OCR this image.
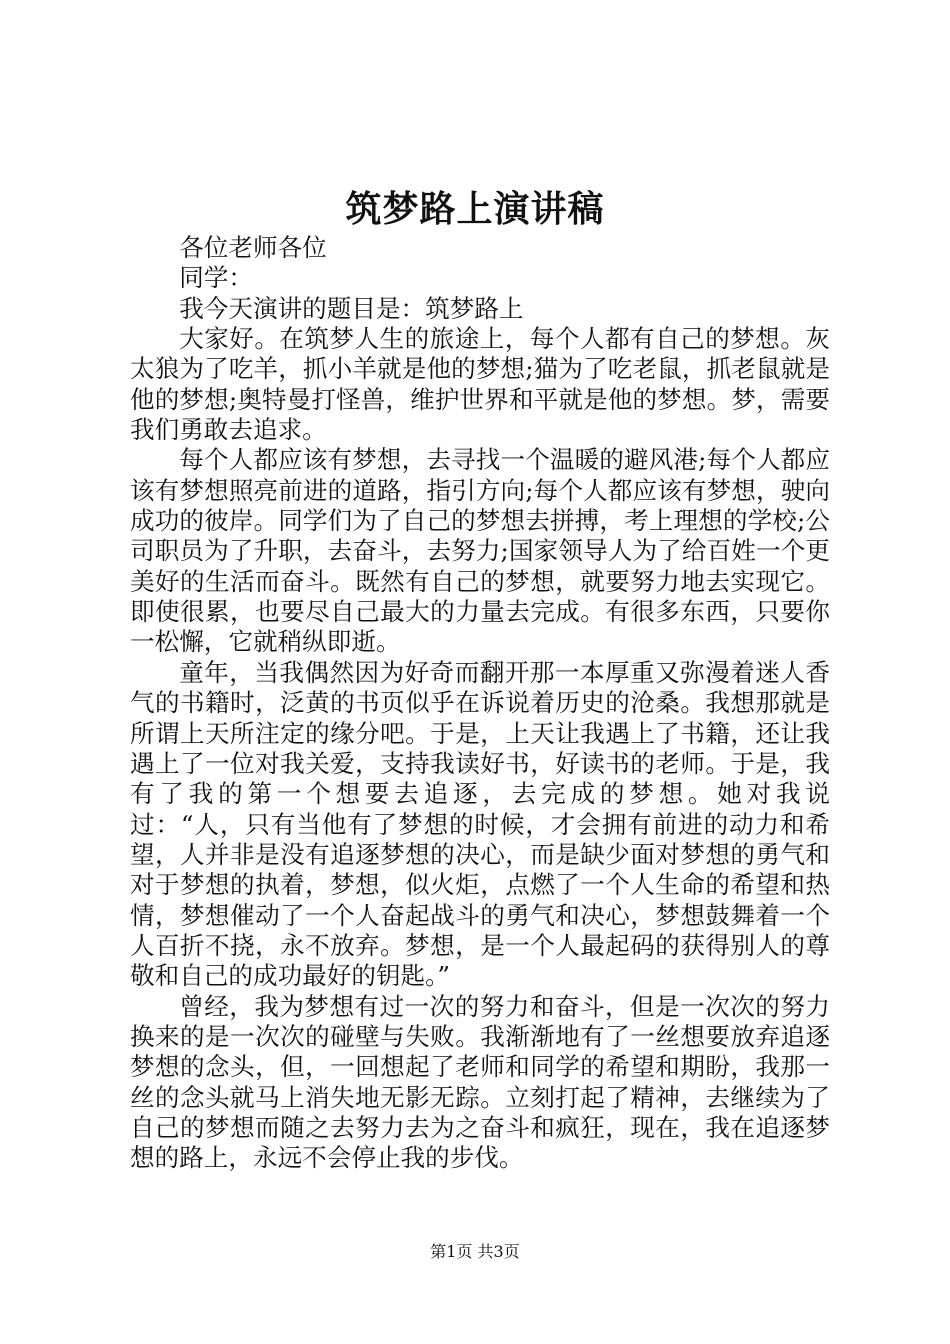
筑梦路上演讲稿

各位老师各位

同学：

我今天演讲的题目是：筑梦路上

大家好。在筑梦人生的旅途上，每个人都有自己的梦想。灰太狼为了吃羊，抓小羊就是他的梦想;猫为了吃老鼠，抓老鼠就是他的梦想;奥特曼打怪兽，维护世界和平就是他的梦想。梦，需要我们勇敢去追求。

每个人都应该有梦想，去寻找一个温暖的避风港;每个人都应该有梦想照亮前进的道路，指引方向;每个人都应该有梦想，驶向成功的彼岸。同学们为了自己的梦想去拼搏，考上理想的学校;公司职员为了升职，去奋斗，去努力;国家领导人为了给百姓一个更美好的生活而奋斗。既然有自己的梦想，就要努力地去实现它。即使很累，也要尽自己最大的力量去完成。有很多东西，只要你一松懈，它就稍纵即逝。

童年，当我偶然因为好奇而翻开那一本厚重又弥漫着迷人香气的书籍时，泛黄的书页似乎在诉说着历史的沧桑。我想那就是所谓上天所注定的缘分吧。于是，上天让我遇上了书籍，还让我遇上了一位对我关爱，支持我读好书，好读书的老师。于是，我有了我的第一个想要去追逐，去完成的梦想。她对我说过：“人，只有当他有了梦想的时候，才会拥有前进的动力和希望，人并非是没有追逐梦想的决心，而是缺少面对梦想的勇气和对于梦想的执着，梦想，似火炬，点燃了一个人生命的希望和热情，梦想催动了一个人奋起战斗的勇气和决心，梦想鼓舞着一个人百折不挠，永不放弃。梦想，是一个人最起码的获得别人的尊敬和自己的成功最好的钥匙。”

曾经，我为梦想有过一次的努力和奋斗，但是一次次的努力换来的是一次次的碰壁与失败。我渐渐地有了一丝想要放弃追逐梦想的念头，但，一回想起了老师和同学的希望和期盼，我那一丝的念头就马上消失地无影无踪。立刻打起了精神，去继续为了自己的梦想而随之去努力去为之奋斗和疯狂，现在，我在追逐梦想的路上，永远不会停止我的步伐。

第1页 共3页
